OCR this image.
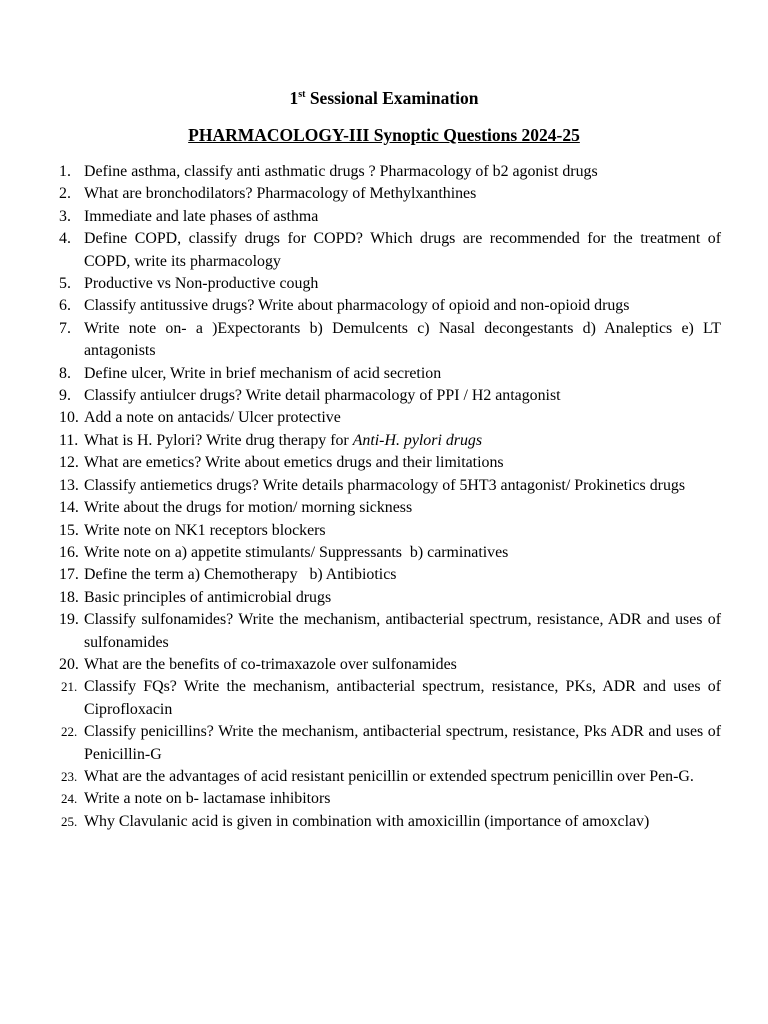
1st Sessional Examination
PHARMACOLOGY-III Synoptic Questions 2024-25
1. Define asthma, classify anti asthmatic drugs ? Pharmacology of b2 agonist drugs
2. What are bronchodilators? Pharmacology of Methylxanthines
3. Immediate and late phases of asthma
4. Define COPD, classify drugs for COPD? Which drugs are recommended for the treatment of COPD, write its pharmacology
5. Productive vs Non-productive cough
6. Classify antitussive drugs? Write about pharmacology of opioid and non-opioid drugs
7. Write note on- a )Expectorants b) Demulcents c) Nasal decongestants d) Analeptics e) LT antagonists
8. Define ulcer, Write in brief mechanism of acid secretion
9. Classify antiulcer drugs? Write detail pharmacology of PPI / H2 antagonist
10. Add a note on antacids/ Ulcer protective
11. What is H. Pylori? Write drug therapy for Anti-H. pylori drugs
12. What are emetics? Write about emetics drugs and their limitations
13. Classify antiemetics drugs? Write details pharmacology of 5HT3 antagonist/ Prokinetics drugs
14. Write about the drugs for motion/ morning sickness
15. Write note on NK1 receptors blockers
16. Write note on a) appetite stimulants/ Suppressants  b) carminatives
17. Define the term a) Chemotherapy   b) Antibiotics
18. Basic principles of antimicrobial drugs
19. Classify sulfonamides? Write the mechanism, antibacterial spectrum, resistance, ADR and uses of sulfonamides
20. What are the benefits of co-trimaxazole over sulfonamides
21. Classify FQs? Write the mechanism, antibacterial spectrum, resistance, PKs, ADR and uses of Ciprofloxacin
22. Classify penicillins? Write the mechanism, antibacterial spectrum, resistance, Pks ADR and uses of Penicillin-G
23. What are the advantages of acid resistant penicillin or extended spectrum penicillin over Pen-G.
24. Write a note on b- lactamase inhibitors
25. Why Clavulanic acid is given in combination with amoxicillin (importance of amoxclav)
